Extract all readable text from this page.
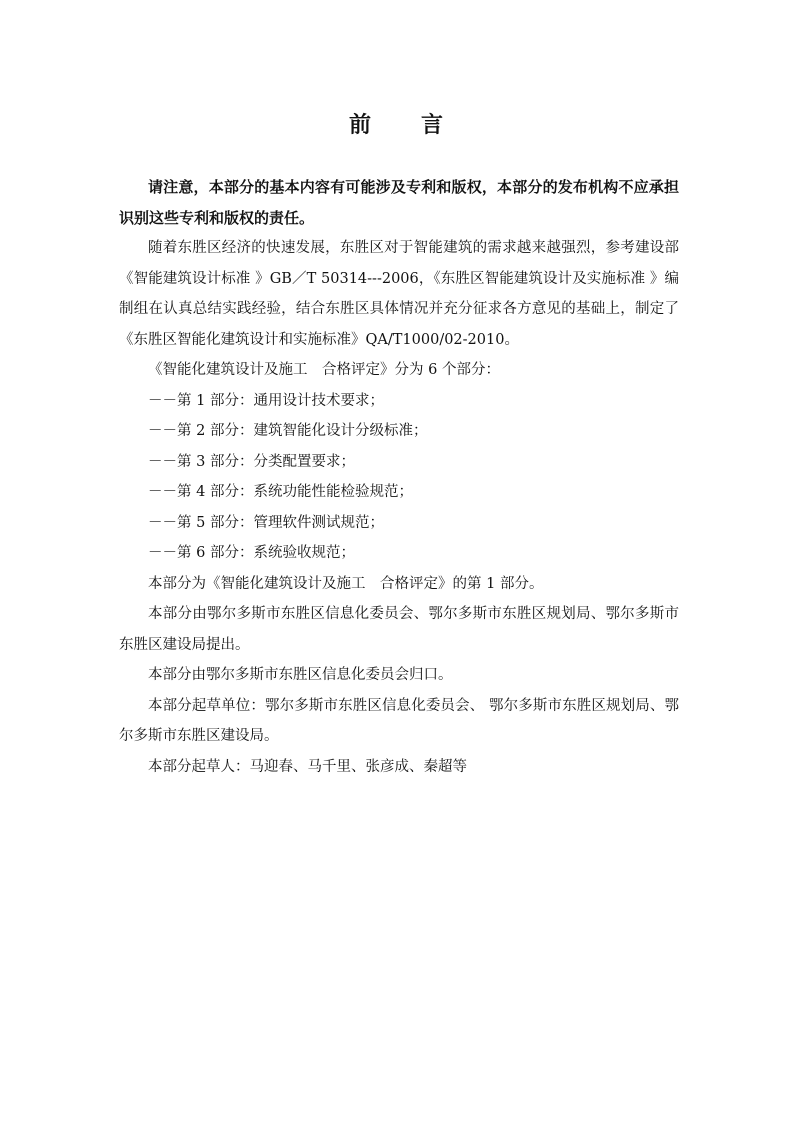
前　　言

请注意，本部分的基本内容有可能涉及专利和版权，本部分的发布机构不应承担识别这些专利和版权的责任。

随着东胜区经济的快速发展，东胜区对于智能建筑的需求越来越强烈，参考建设部《智能建筑设计标准 》GB／T 50314---2006，《东胜区智能建筑设计及实施标准 》编制组在认真总结实践经验，结合东胜区具体情况并充分征求各方意见的基础上，制定了《东胜区智能化建筑设计和实施标准》QA/T1000/02-2010。

《智能化建筑设计及施工　合格评定》分为 6 个部分：

－－第 1 部分：通用设计技术要求；
－－第 2 部分：建筑智能化设计分级标准；
－－第 3 部分：分类配置要求；
－－第 4 部分：系统功能性能检验规范；
－－第 5 部分：管理软件测试规范；
－－第 6 部分：系统验收规范；

本部分为《智能化建筑设计及施工　合格评定》的第 1 部分。

本部分由鄂尔多斯市东胜区信息化委员会、鄂尔多斯市东胜区规划局、鄂尔多斯市东胜区建设局提出。

本部分由鄂尔多斯市东胜区信息化委员会归口。

本部分起草单位：鄂尔多斯市东胜区信息化委员会、 鄂尔多斯市东胜区规划局、鄂尔多斯市东胜区建设局。

本部分起草人：马迎春、马千里、张彦成、秦超等
